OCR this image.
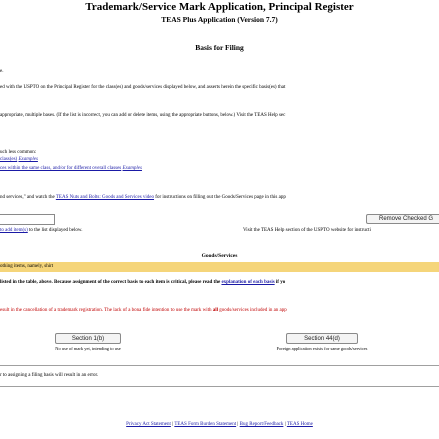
Trademark/Service Mark Application, Principal Register
TEAS Plus Application (Version 7.7)
Basis for Filing
e.
ed with the USPTO on the Principal Register for the class(es) and goods/services displayed below, and asserts herein the specific basis(es) that
appropriate, multiple bases. (If the list is incorrect, you can add or delete items, using the appropriate buttons, below.) Visit the TEAS Help sec
uch less common:
class(es) Examples
ces within the same class, and/or for different overall classes Examples
nd services," and watch the TEAS Nuts and Bolts: Goods and Services video for instructions on filling out the Goods/Services page in this app
Remove Checked G
to add item(s) to the list displayed below.	Visit the TEAS Help section of the USPTO website for instructi
Goods/Services
othing items, namely, shirt
listed in the table, above. Because assignment of the correct basis to each item is critical, please read the explanation of each basis if yo
esult in the cancellation of a trademark registration. The lack of a bona fide intention to use the mark with all goods/services included in an app
Section 1(b)
No use of mark yet, intending to use
Section 44(d)
Foreign application exists for same goods/services
r to assigning a filing basis will result in an error.
Privacy Act Statement | TEAS Form Burden Statement | Bug Report/Feedback | TEAS Home
